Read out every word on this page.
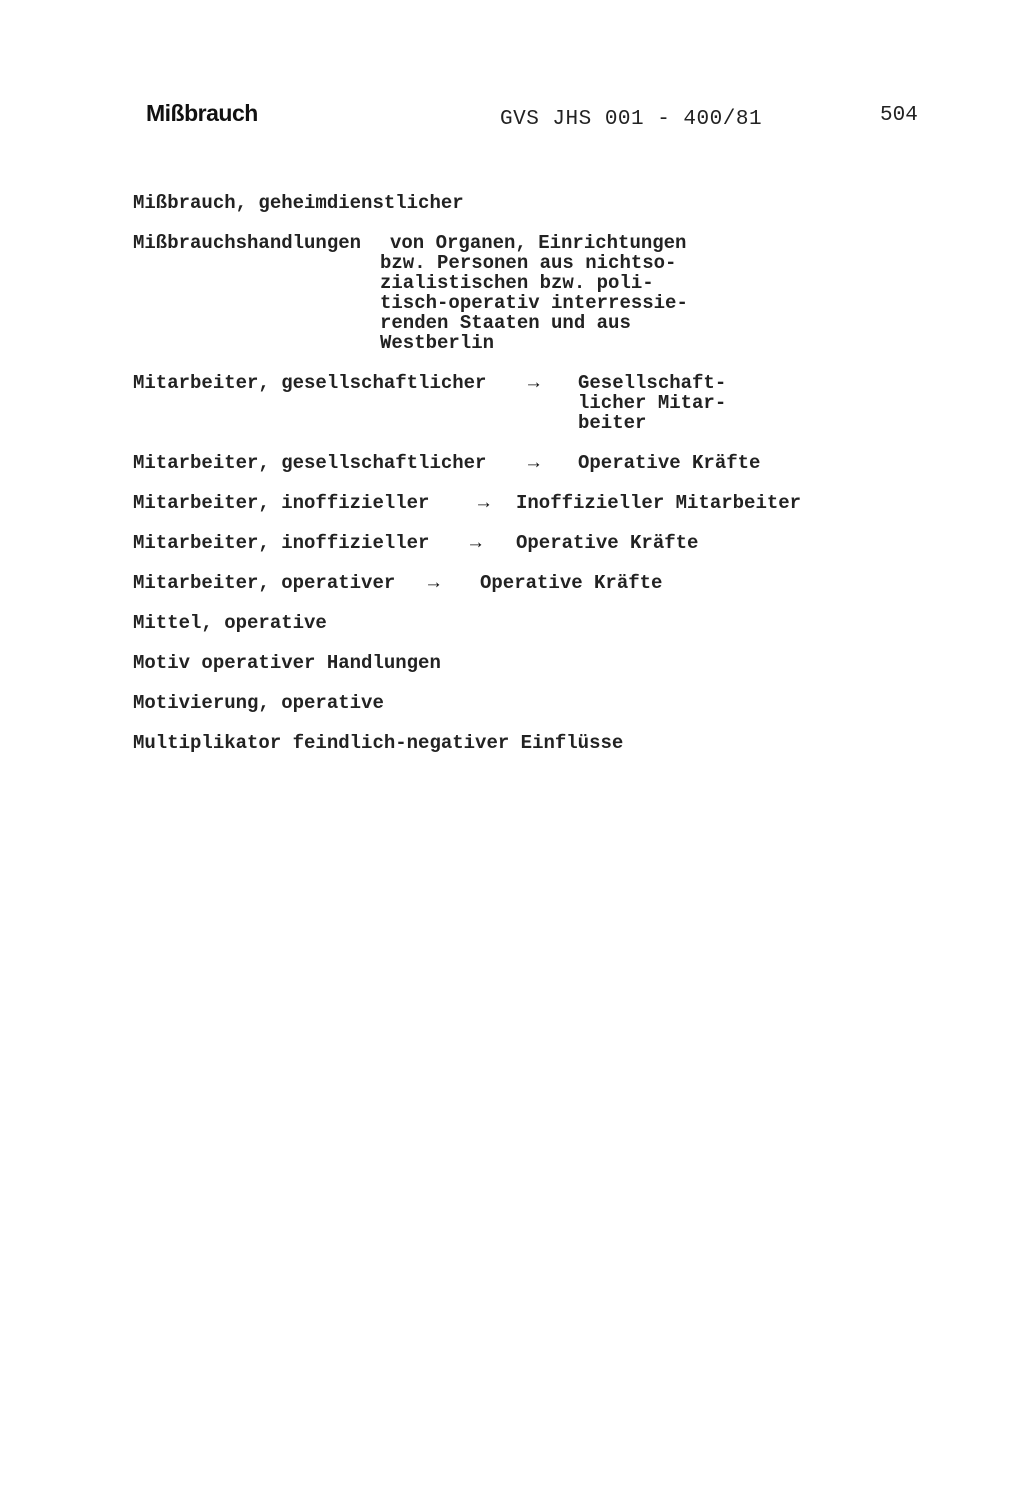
Mißbrauch	GVS JHS 001 - 400/81	504
Mißbrauch, geheimdienstlicher
Mißbrauchshandlungen von Organen, Einrichtungen
bzw. Personen aus nichtso-
zialistischen bzw. poli-
tisch-operativ interressie-
renden Staaten und aus
Westberlin
Mitarbeiter, gesellschaftlicher → Gesellschaft-
licher Mitar-
beiter
Mitarbeiter, gesellschaftlicher → Operative Kräfte
Mitarbeiter, inoffizieller	→ Inoffizieller Mitarbeiter
Mitarbeiter, inoffizieller → Operative Kräfte
Mitarbeiter, operativer → Operative Kräfte
Mittel, operative
Motiv operativer Handlungen
Motivierung, operative
Multiplikator feindlich-negativer Einflüsse
